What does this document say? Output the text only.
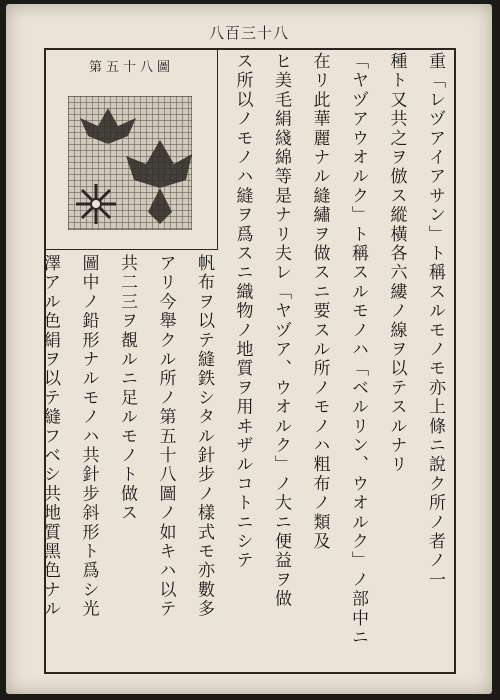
八百三十八
重「レヅアイアサン」ト稱スルモノモ亦上條ニ說ク所ノ者ノ一
種ト又共之ヲ倣ス縱橫各六縷ノ線ヲ以テスルナリ
「ヤヅアウオルク」ト稱スルモノハ「ベルリン、ウオルク」ノ部中ニ
在リ此華麗ナル縫繡ヲ做スニ要スル所ノモノハ粗布ノ類及
ヒ美毛絹綫綿等是ナリ夫レ「ヤヅア、ウオルク」ノ大ニ便益ヲ做
ス所以ノモノハ縫ヲ爲スニ織物ノ地質ヲ用ヰザルコトニシテ
帆布ヲ以テ縫鉄シタル針步ノ樣式モ亦數多
アリ今舉クル所ノ第五十八圖ノ如キハ以テ
共二三ヲ覩ルニ足ルモノト做ス
圖中ノ鉛形ナルモノハ共針步斜形ト爲シ光
澤アル色絹ヲ以テ縫フベシ共地質黑色ナル
第五十八圖
